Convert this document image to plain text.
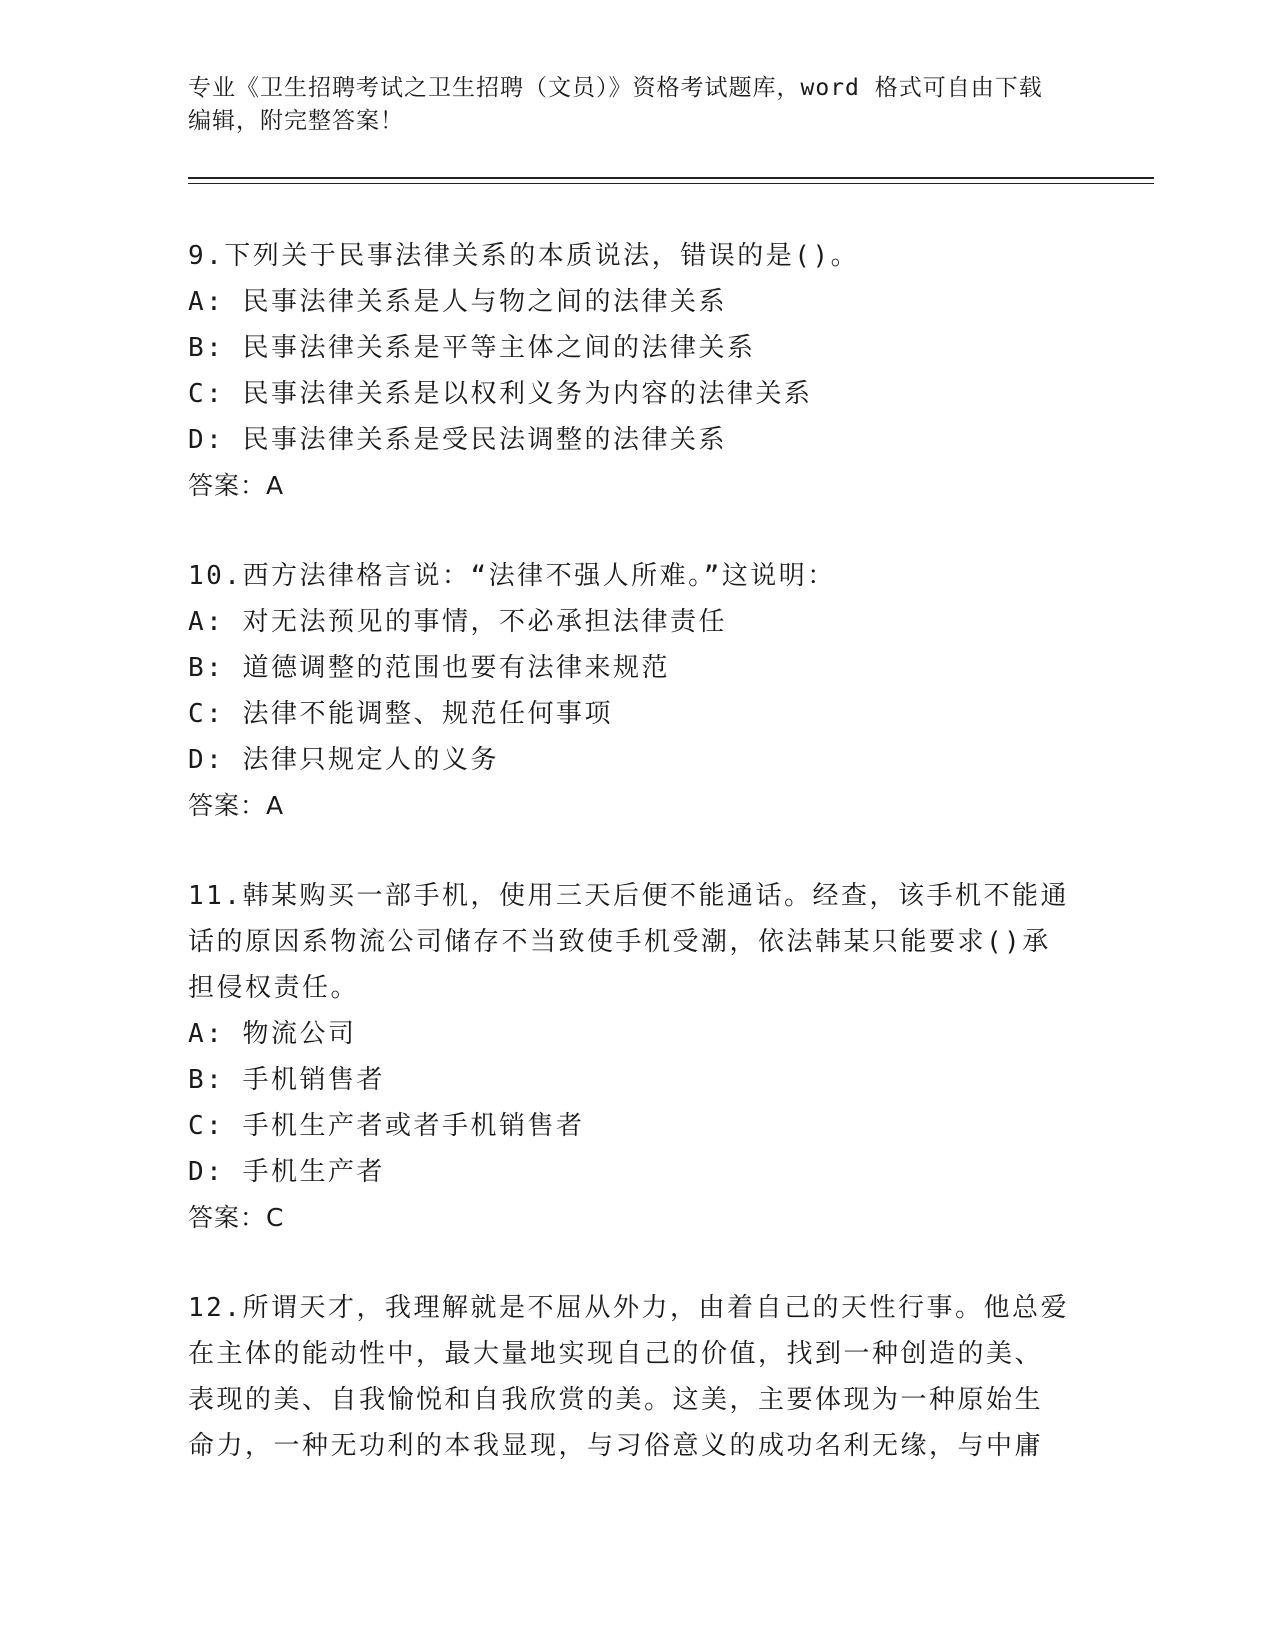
专业《卫生招聘考试之卫生招聘（文员）》资格考试题库，word 格式可自由下载
编辑，附完整答案！

9.下列关于民事法律关系的本质说法，错误的是()。

A: 民事法律关系是人与物之间的法律关系

B: 民事法律关系是平等主体之间的法律关系

C: 民事法律关系是以权利义务为内容的法律关系

D: 民事法律关系是受民法调整的法律关系

答案：A

10.西方法律格言说：“法律不强人所难。”这说明：

A: 对无法预见的事情，不必承担法律责任

B: 道德调整的范围也要有法律来规范

C: 法律不能调整、规范任何事项

D: 法律只规定人的义务

答案：A

11.韩某购买一部手机，使用三天后便不能通话。经查，该手机不能通

话的原因系物流公司储存不当致使手机受潮，依法韩某只能要求()承

担侵权责任。

A: 物流公司

B: 手机销售者

C: 手机生产者或者手机销售者

D: 手机生产者

答案：C

12.所谓天才，我理解就是不屈从外力，由着自己的天性行事。他总爱

在主体的能动性中，最大量地实现自己的价值，找到一种创造的美、

表现的美、自我愉悦和自我欣赏的美。这美，主要体现为一种原始生

命力，一种无功利的本我显现，与习俗意义的成功名利无缘，与中庸
